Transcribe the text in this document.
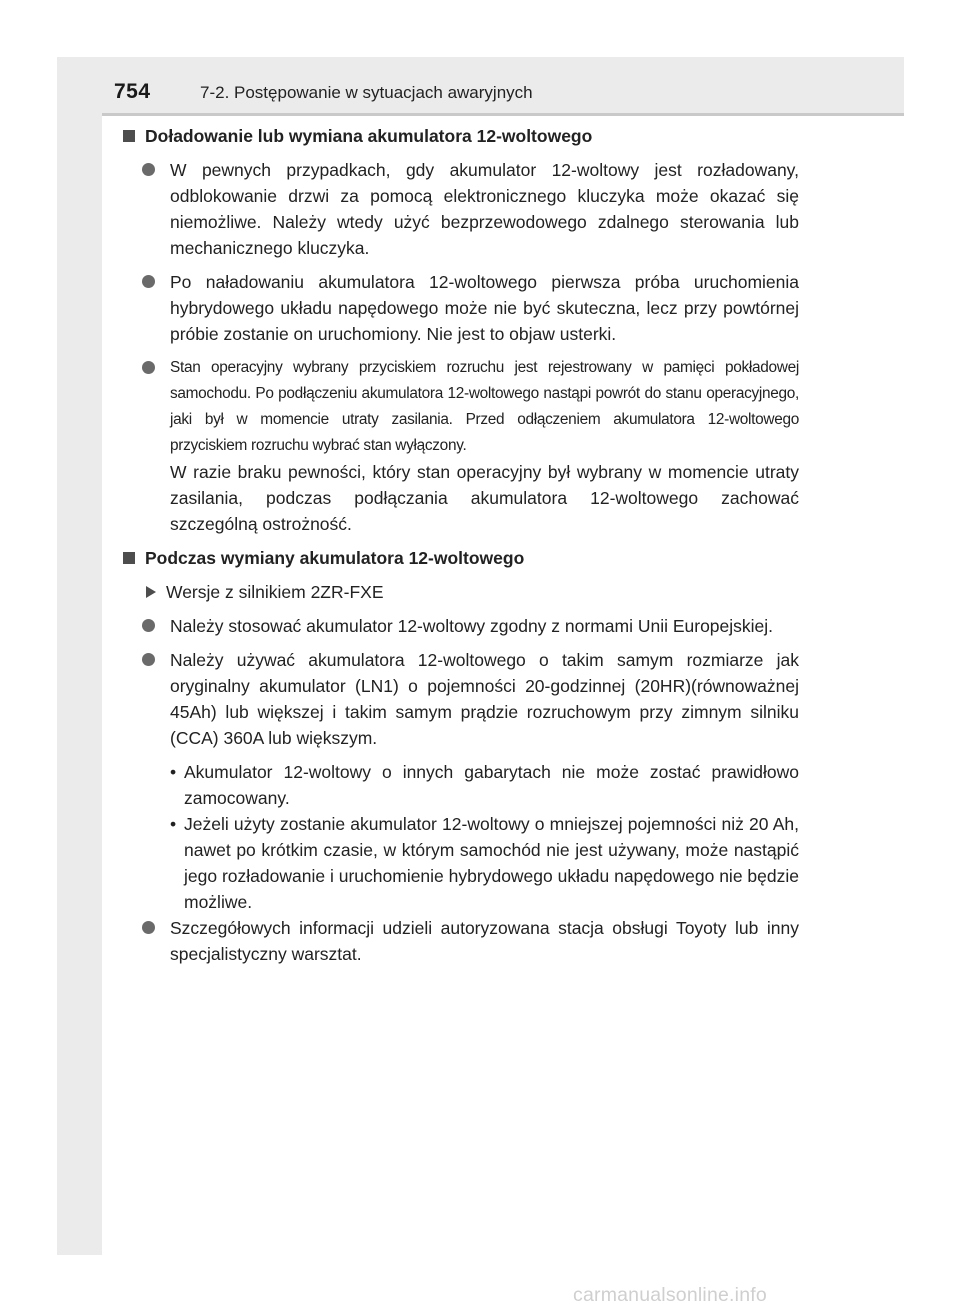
754	7-2. Postępowanie w sytuacjach awaryjnych
Doładowanie lub wymiana akumulatora 12-woltowego
W pewnych przypadkach, gdy akumulator 12-woltowy jest rozładowany, odblokowanie drzwi za pomocą elektronicznego kluczyka może okazać się niemożliwe. Należy wtedy użyć bezprzewodowego zdalnego sterowania lub mechanicznego kluczyka.
Po naładowaniu akumulatora 12-woltowego pierwsza próba uruchomienia hybrydowego układu napędowego może nie być skuteczna, lecz przy powtórnej próbie zostanie on uruchomiony. Nie jest to objaw usterki.
Stan operacyjny wybrany przyciskiem rozruchu jest rejestrowany w pamięci pokładowej samochodu. Po podłączeniu akumulatora 12-woltowego nastąpi powrót do stanu operacyjnego, jaki był w momencie utraty zasilania. Przed odłączeniem akumulatora 12-woltowego przyciskiem rozruchu wybrać stan wyłączony.
W razie braku pewności, który stan operacyjny był wybrany w momencie utraty zasilania, podczas podłączania akumulatora 12-woltowego zachować szczególną ostrożność.
Podczas wymiany akumulatora 12-woltowego
Wersje z silnikiem 2ZR-FXE
Należy stosować akumulator 12-woltowy zgodny z normami Unii Europejskiej.
Należy używać akumulatora 12-woltowego o takim samym rozmiarze jak oryginalny akumulator (LN1) o pojemności 20-godzinnej (20HR)(równoważnej 45Ah) lub większej i takim samym prądzie rozruchowym przy zimnym silniku (CCA) 360A lub większym.
• Akumulator 12-woltowy o innych gabarytach nie może zostać prawidłowo zamocowany.
• Jeżeli użyty zostanie akumulator 12-woltowy o mniejszej pojemności niż 20 Ah, nawet po krótkim czasie, w którym samochód nie jest używany, może nastąpić jego rozładowanie i uruchomienie hybrydowego układu napędowego nie będzie możliwe.
Szczegółowych informacji udzieli autoryzowana stacja obsługi Toyoty lub inny specjalistyczny warsztat.
carmanualsonline.info
